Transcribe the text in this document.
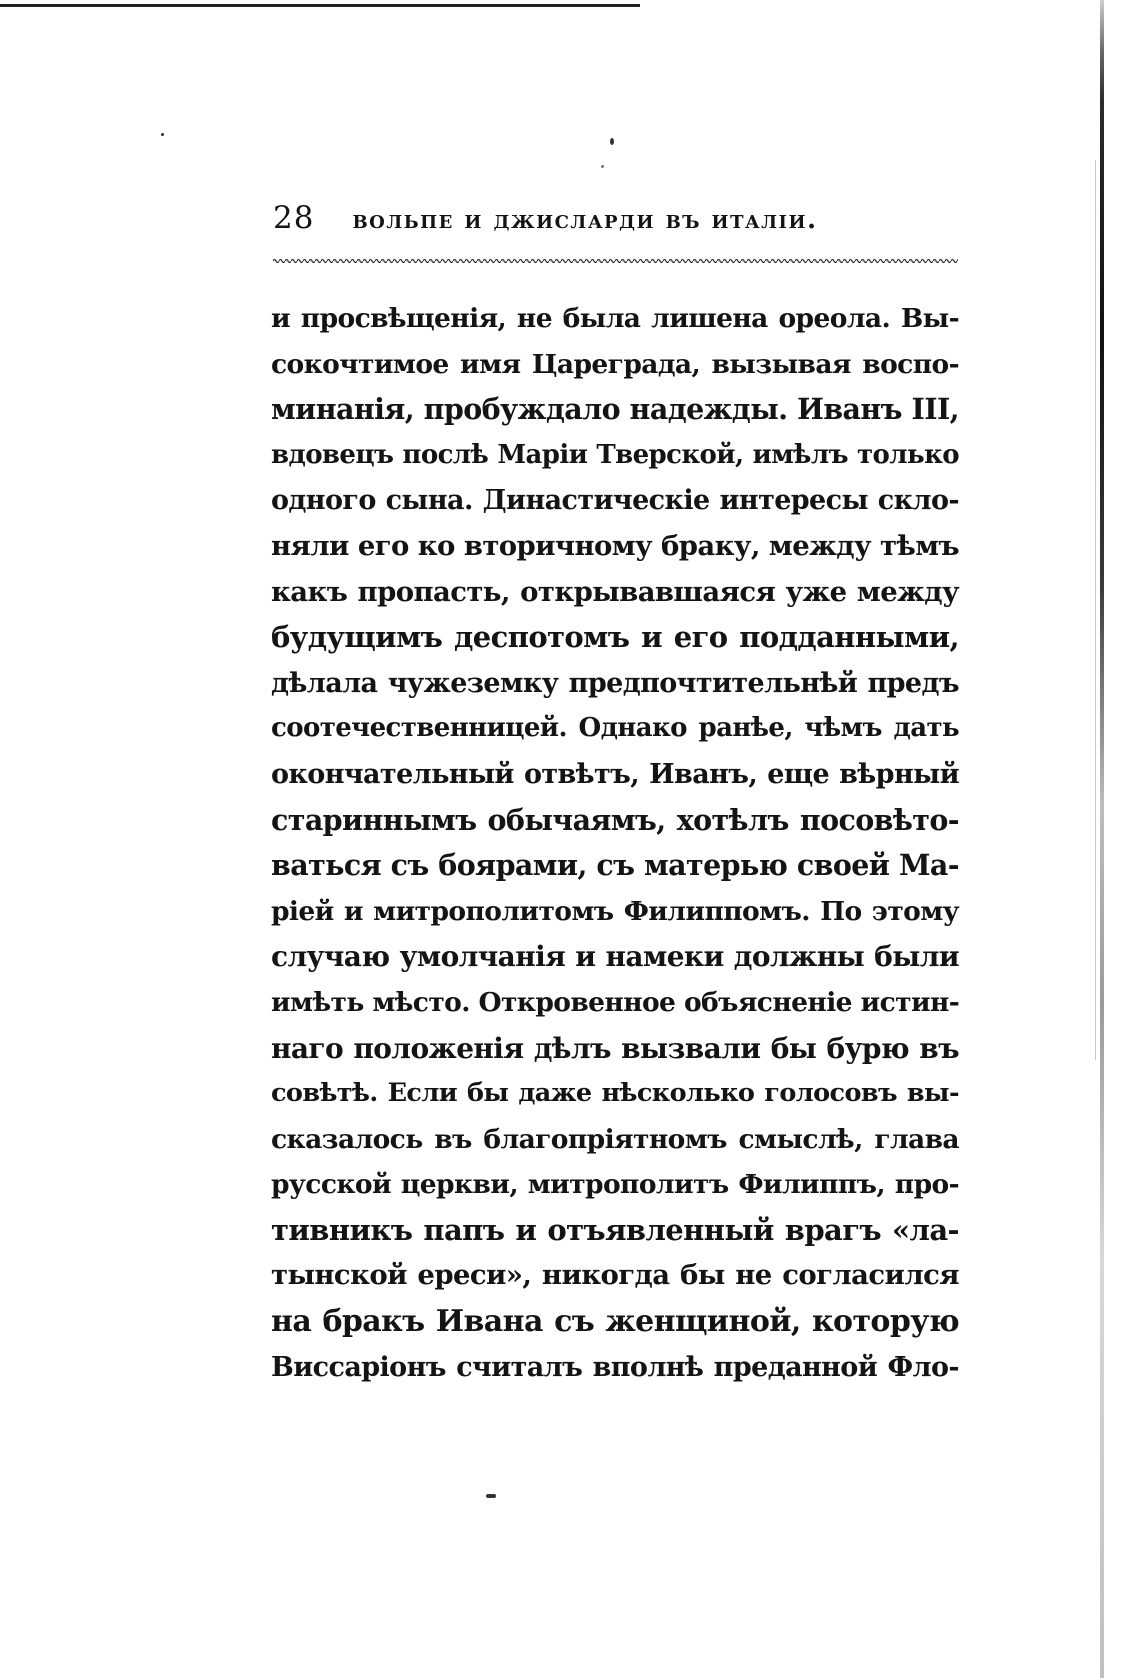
28 вольпе и джисларди въ италіи.
и просвѣщенія, не была лишена ореола. Вы-
сокочтимое имя Цареграда, вызывая воспо-
минанія, пробуждало надежды. Иванъ III,
вдовецъ послѣ Маріи Тверской, имѣлъ только
одного сына. Династическіе интересы скло-
няли его ко вторичному браку, между тѣмъ
какъ пропасть, открывавшаяся уже между
будущимъ деспотомъ и его подданными,
дѣлала чужеземку предпочтительнѣй предъ
соотечественницей. Однако ранѣе, чѣмъ дать
окончательный отвѣтъ, Иванъ, еще вѣрный
стариннымъ обычаямъ, хотѣлъ посовѣто-
ваться съ боярами, съ матерью своей Ма-
ріей и митрополитомъ Филиппомъ. По этому
случаю умолчанія и намеки должны были
имѣть мѣсто. Откровенное объясненіе истин-
наго положенія дѣлъ вызвали бы бурю въ
совѣтѣ. Если бы даже нѣсколько голосовъ вы-
сказалось въ благопріятномъ смыслѣ, глава
русской церкви, митрополитъ Филиппъ, про-
тивникъ папъ и отъявленный врагъ «ла-
тынской ереси», никогда бы не согласился
на бракъ Ивана съ женщиной, которую
Виссаріонъ считалъ вполнѣ преданной Фло-
